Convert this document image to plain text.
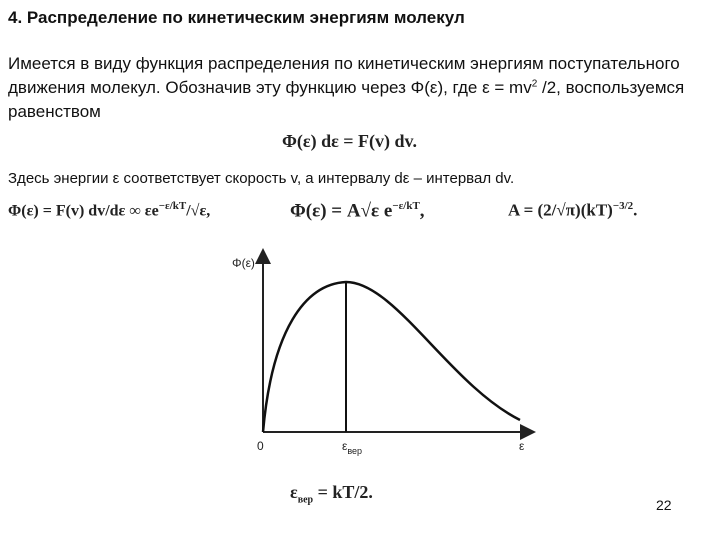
4. Распределение по кинетическим энергиям молекул
Имеется в виду функция распределения по кинетическим энергиям поступательного движения молекул. Обозначив эту функцию через Φ(ε), где $\varepsilon = mv^2$ /2, воспользуемся равенством
Φ(ε) dε = F(v) dv.
Здесь энергии ε соответствует скорость v, а интервалу dε – интервал dv.
Φ(ε) = F(v) dv/dε ∞ $\varepsilon e^{-\varepsilon/kT}/√\varepsilon$,	Φ(ε) = A√ε $e^{-\varepsilon/kT}$,	A = (2/√π)(kT)$^{-3/2}$.
Φ(ε)
ε
0	$\varepsilon_{вер}$
$\varepsilon_{вер} = kT/2$.
22
